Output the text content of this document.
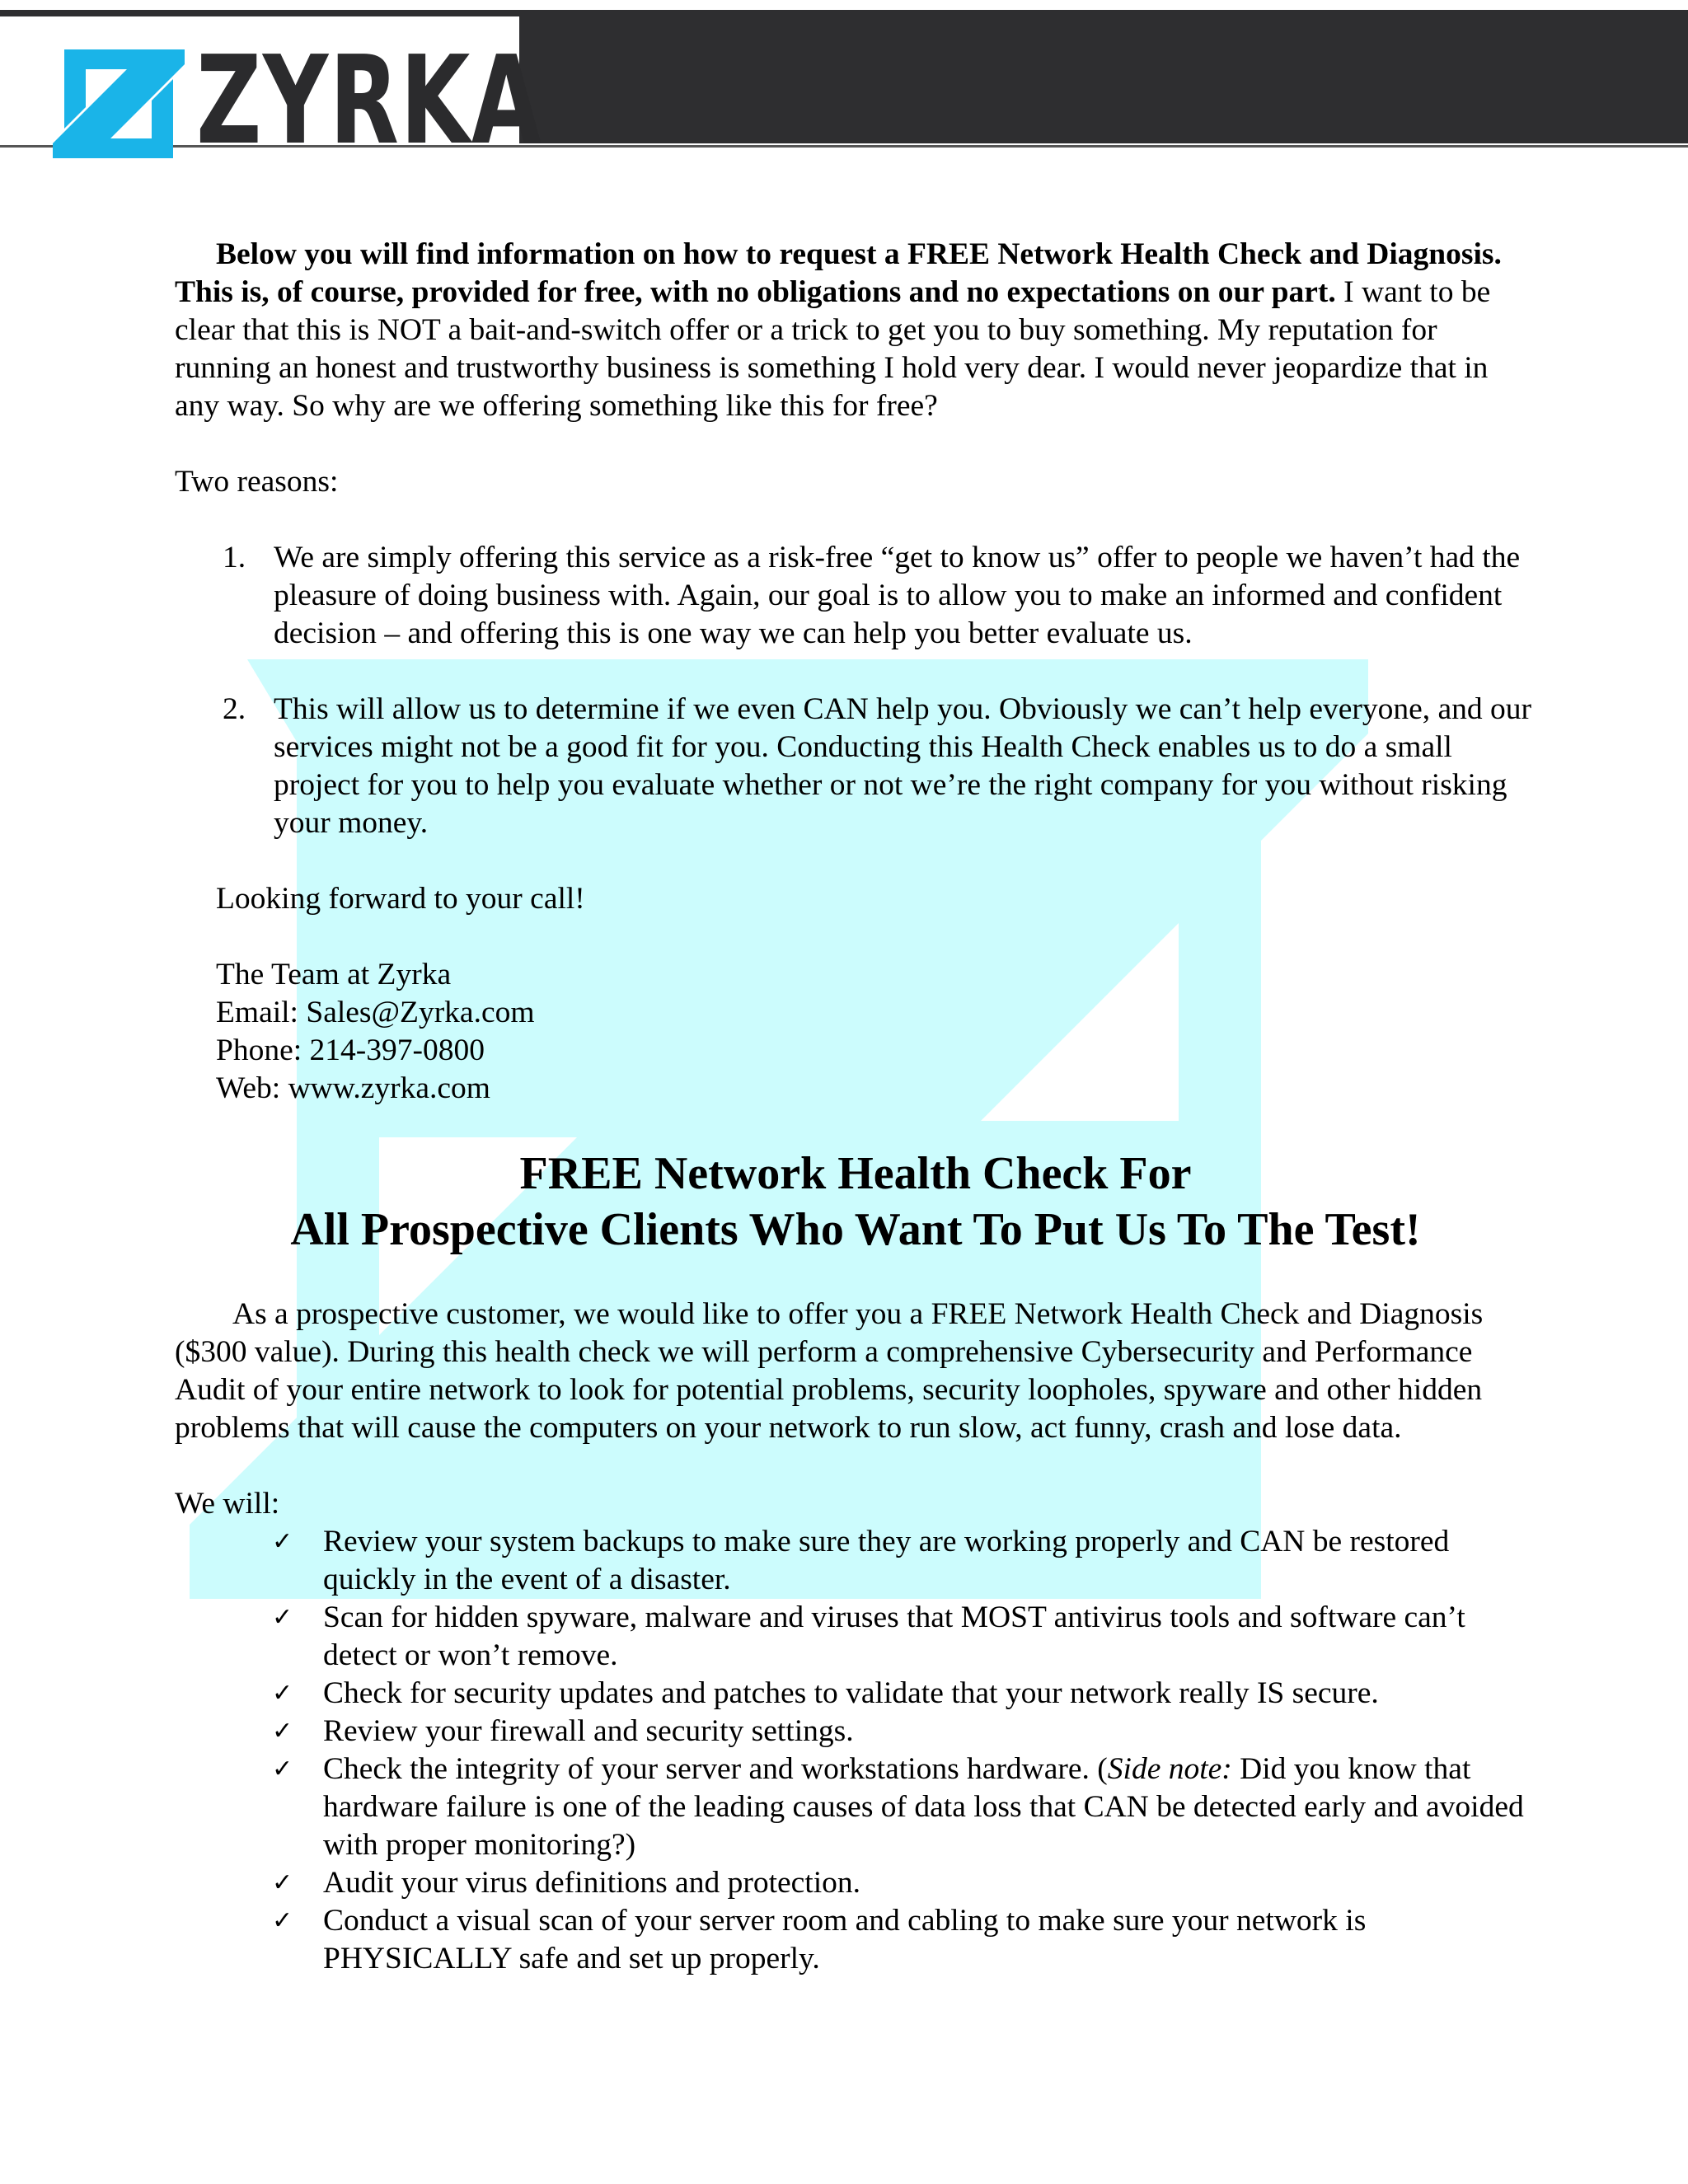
ZYRKA

Below you will find information on how to request a FREE Network Health Check and Diagnosis. This is, of course, provided for free, with no obligations and no expectations on our part. I want to be clear that this is NOT a bait-and-switch offer or a trick to get you to buy something. My reputation for running an honest and trustworthy business is something I hold very dear. I would never jeopardize that in any way. So why are we offering something like this for free?

Two reasons:

1. We are simply offering this service as a risk-free “get to know us” offer to people we haven’t had the pleasure of doing business with. Again, our goal is to allow you to make an informed and confident decision – and offering this is one way we can help you better evaluate us.
2. This will allow us to determine if we even CAN help you. Obviously we can’t help everyone, and our services might not be a good fit for you. Conducting this Health Check enables us to do a small project for you to help you evaluate whether or not we’re the right company for you without risking your money.

Looking forward to your call!

The Team at Zyrka

Email: Sales@Zyrka.com

Phone: 214-397-0800

Web: www.zyrka.com

FREE Network Health Check For

All Prospective Clients Who Want To Put Us To The Test!

As a prospective customer, we would like to offer you a FREE Network Health Check and Diagnosis ($300 value). During this health check we will perform a comprehensive Cybersecurity and Performance Audit of your entire network to look for potential problems, security loopholes, spyware and other hidden problems that will cause the computers on your network to run slow, act funny, crash and lose data.

We will:

✓ Review your system backups to make sure they are working properly and CAN be restored quickly in the event of a disaster.
✓ Scan for hidden spyware, malware and viruses that MOST antivirus tools and software can’t detect or won’t remove.
✓ Check for security updates and patches to validate that your network really IS secure.
✓ Review your firewall and security settings.
✓ Check the integrity of your server and workstations hardware. (Side note: Did you know that hardware failure is one of the leading causes of data loss that CAN be detected early and avoided with proper monitoring?)
✓ Audit your virus definitions and protection.
✓ Conduct a visual scan of your server room and cabling to make sure your network is PHYSICALLY safe and set up properly.
